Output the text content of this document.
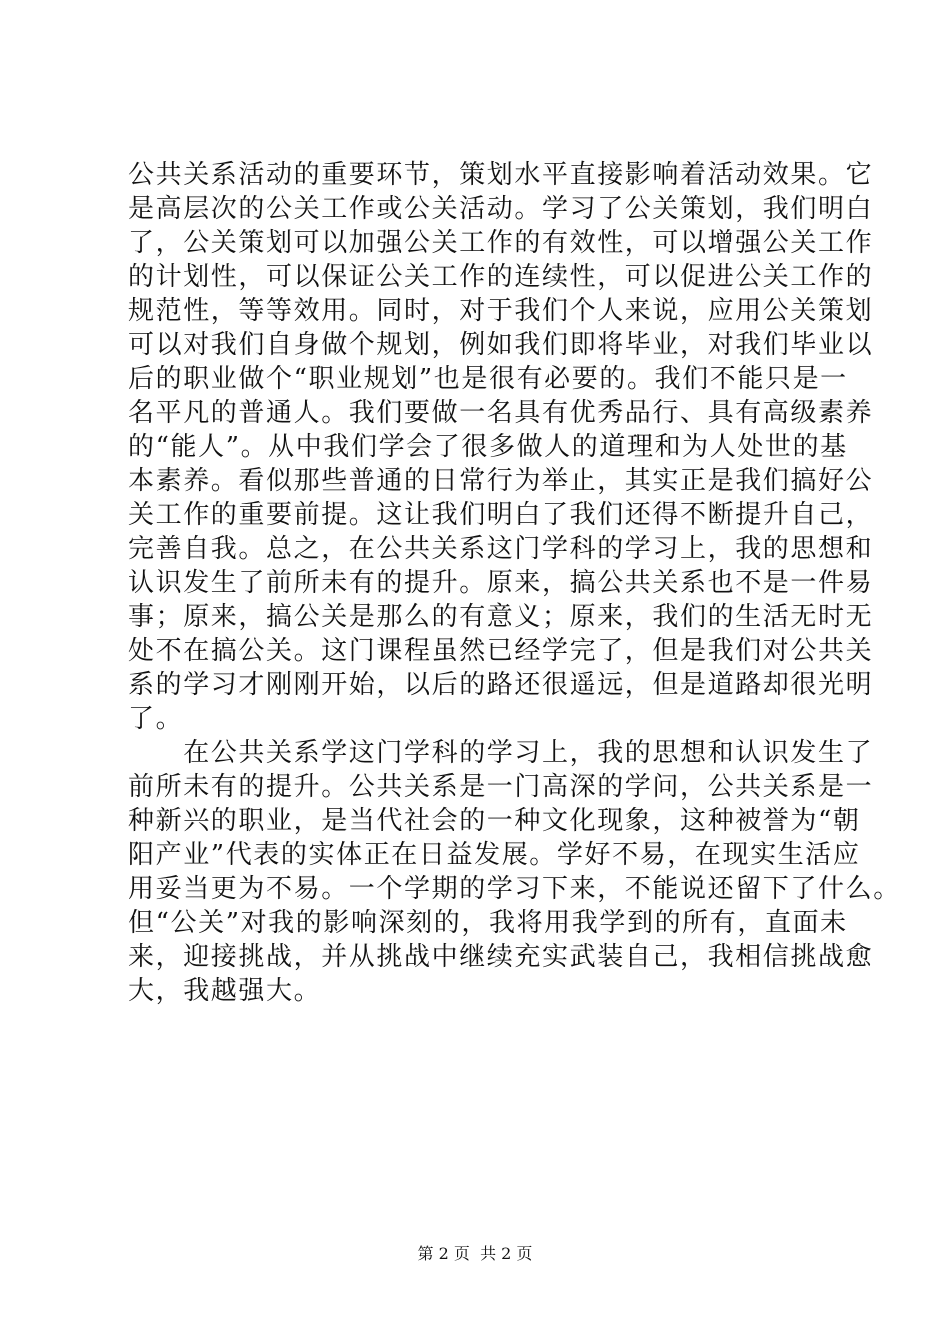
公共关系活动的重要环节，策划水平直接影响着活动效果。它
是高层次的公关工作或公关活动。学习了公关策划，我们明白
了，公关策划可以加强公关工作的有效性，可以增强公关工作
的计划性，可以保证公关工作的连续性，可以促进公关工作的
规范性，等等效用。同时，对于我们个人来说，应用公关策划
可以对我们自身做个规划，例如我们即将毕业，对我们毕业以
后的职业做个“职业规划”也是很有必要的。我们不能只是一
名平凡的普通人。我们要做一名具有优秀品行、具有高级素养
的“能人”。从中我们学会了很多做人的道理和为人处世的基
本素养。看似那些普通的日常行为举止，其实正是我们搞好公
关工作的重要前提。这让我们明白了我们还得不断提升自己，
完善自我。总之，在公共关系这门学科的学习上，我的思想和
认识发生了前所未有的提升。原来，搞公共关系也不是一件易
事；原来，搞公关是那么的有意义；原来，我们的生活无时无
处不在搞公关。这门课程虽然已经学完了，但是我们对公共关
系的学习才刚刚开始，以后的路还很遥远，但是道路却很光明
了。
　　在公共关系学这门学科的学习上，我的思想和认识发生了
前所未有的提升。公共关系是一门高深的学问，公共关系是一
种新兴的职业，是当代社会的一种文化现象，这种被誉为“朝
阳产业”代表的实体正在日益发展。学好不易，在现实生活应
用妥当更为不易。一个学期的学习下来，不能说还留下了什么。
但“公关”对我的影响深刻的，我将用我学到的所有，直面未
来，迎接挑战，并从挑战中继续充实武装自己，我相信挑战愈
大，我越强大。
第 2 页  共 2 页
